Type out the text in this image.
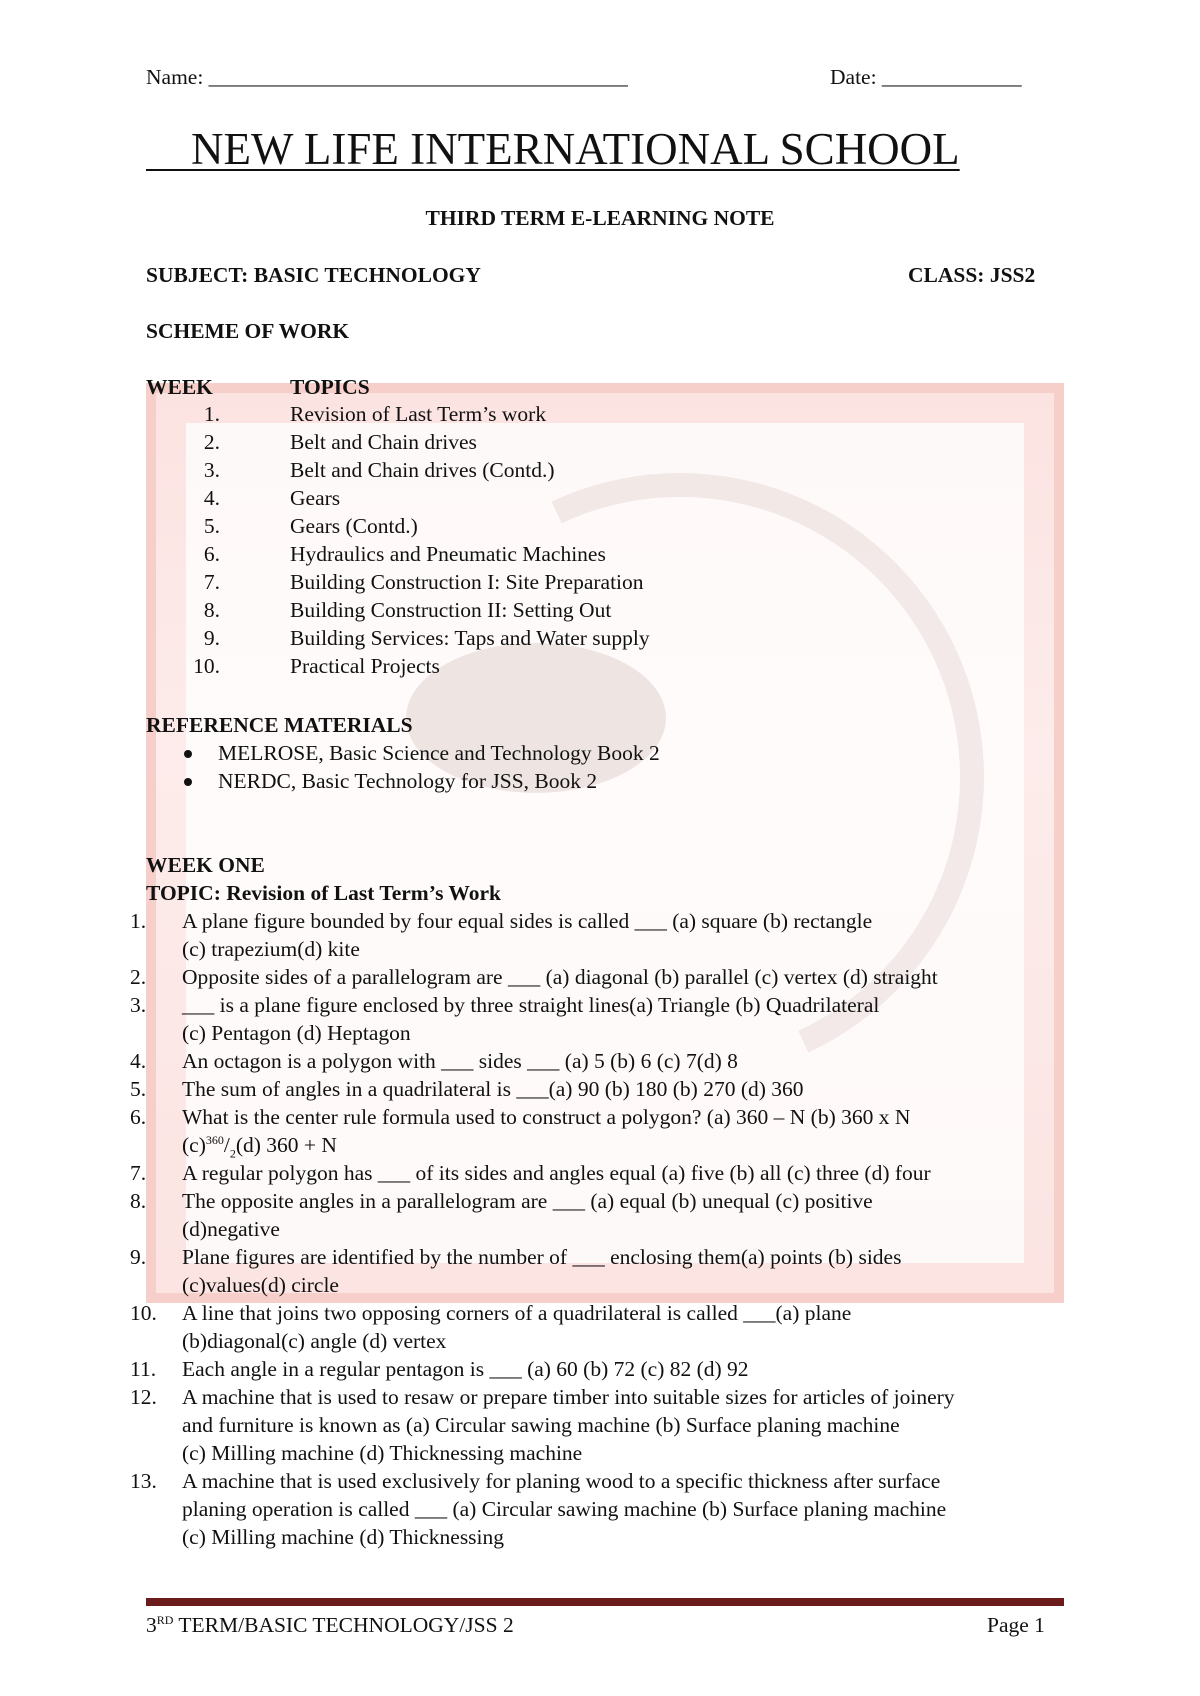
Name: _______________________________________	Date: _____________
NEW LIFE INTERNATIONAL SCHOOL
THIRD TERM E-LEARNING NOTE
SUBJECT: BASIC TECHNOLOGY	CLASS: JSS2
SCHEME OF WORK
WEEK	TOPICS
1.	Revision of Last Term’s work
2.	Belt and Chain drives
3.	Belt and Chain drives (Contd.)
4.	Gears
5.	Gears (Contd.)
6.	Hydraulics and Pneumatic Machines
7.	Building Construction I: Site Preparation
8.	Building Construction II: Setting Out
9.	Building Services: Taps and Water supply
10.	Practical Projects
REFERENCE MATERIALS
MELROSE, Basic Science and Technology Book 2
NERDC, Basic Technology for JSS, Book 2
WEEK ONE
TOPIC: Revision of Last Term’s Work
1.	A plane figure bounded by four equal sides is called ___ (a) square (b) rectangle
(c) trapezium(d) kite
2.	Opposite sides of a parallelogram are ___ (a) diagonal (b) parallel (c) vertex (d) straight
3.	___ is a plane figure enclosed by three straight lines(a) Triangle (b) Quadrilateral
(c) Pentagon (d) Heptagon
4.	An octagon is a polygon with ___ sides ___ (a) 5 (b) 6 (c) 7(d) 8
5.	The sum of angles in a quadrilateral is ___(a) 90 (b) 180 (b) 270 (d) 360
6.	What is the center rule formula used to construct a polygon? (a) 360 – N (b) 360 x N
$(c)^{360}/_2(d) 360 + N$
7.	A regular polygon has ___ of its sides and angles equal (a) five (b) all (c) three (d) four
8.	The opposite angles in a parallelogram are ___ (a) equal (b) unequal (c) positive
(d)negative
9.	Plane figures are identified by the number of ___ enclosing them(a) points (b) sides
(c)values(d) circle
10.	A line that joins two opposing corners of a quadrilateral is called ___(a) plane
(b)diagonal(c) angle (d) vertex
11.	Each angle in a regular pentagon is ___ (a) 60 (b) 72 (c) 82 (d) 92
12.	A machine that is used to resaw or prepare timber into suitable sizes for articles of joinery
and furniture is known as (a) Circular sawing machine (b) Surface planing machine
(c) Milling machine (d) Thicknessing machine
13.	A machine that is used exclusively for planing wood to a specific thickness after surface
planing operation is called ___ (a) Circular sawing machine (b) Surface planing machine
(c) Milling machine (d) Thicknessing
3RD TERM/BASIC TECHNOLOGY/JSS 2	Page 1
